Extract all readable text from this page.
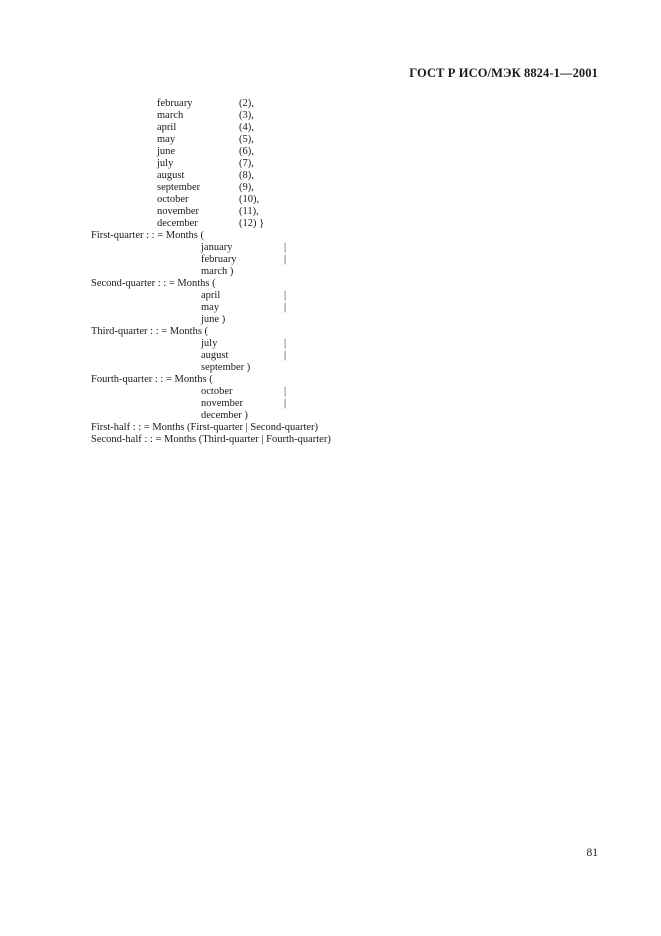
ГОСТ Р ИСО/МЭК 8824-1—2001
february	(2),
march	(3),
april	(4),
may	(5),
june	(6),
july	(7),
august	(8),
september	(9),
october	(10),
november	(11),
december	(12) }
First-quarter : : = Months (
january	|
february	|
march )
Second-quarter : : = Months (
april	|
may	|
june )
Third-quarter : : = Months (
july	|
august	|
september )
Fourth-quarter : : = Months (
october	|
november	|
december )
First-half : : = Months (First-quarter | Second-quarter)
Second-half : : = Months (Third-quarter | Fourth-quarter)
81
